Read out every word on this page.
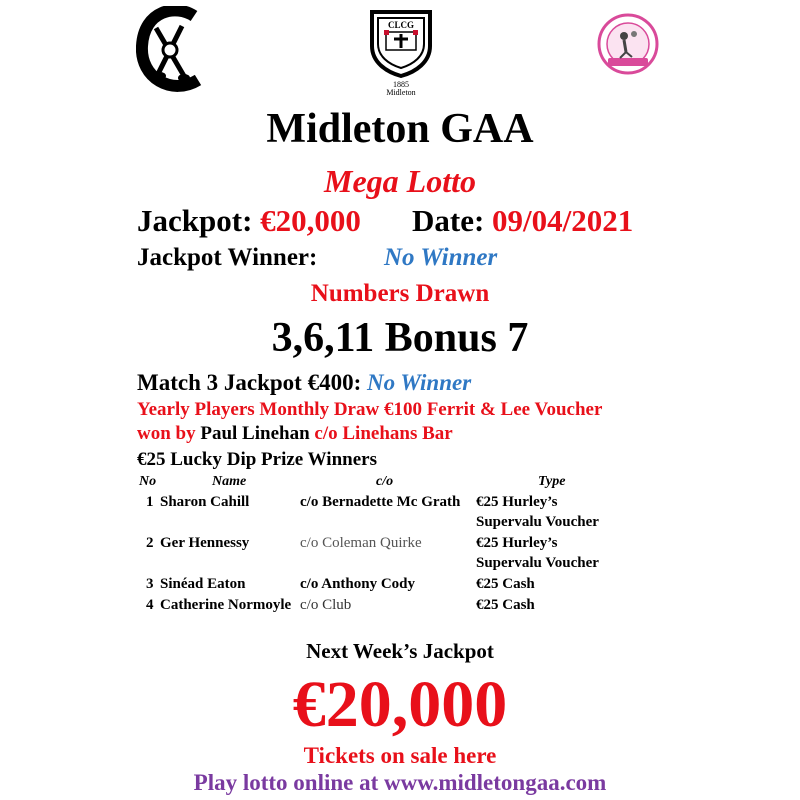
CLCG
1885
Midleton
Midleton GAA
Mega Lotto
Jackpot: €20,000 Date: 09/04/2021
Jackpot Winner:	No Winner
Numbers Drawn
3,6,11 Bonus 7
Match 3 Jackpot €400: No Winner
Yearly Players Monthly Draw €100 Ferrit & Lee Voucher
won by Paul Linehan c/o Linehans Bar
€25 Lucky Dip Prize Winners
No	Name	c/o	Type
1 Sharon Cahill	c/o Bernadette Mc Grath €25 Hurley’s
Supervalu Voucher
2 Ger Hennessy	c/o Coleman Quirke	€25 Hurley’s
Supervalu Voucher
3 Sinéad Eaton	c/o Anthony Cody	€25 Cash
4 Catherine Normoyle c/o Club	€25 Cash
Next Week’s Jackpot
€20,000
Tickets on sale here
Play lotto online at www.midletongaa.com
